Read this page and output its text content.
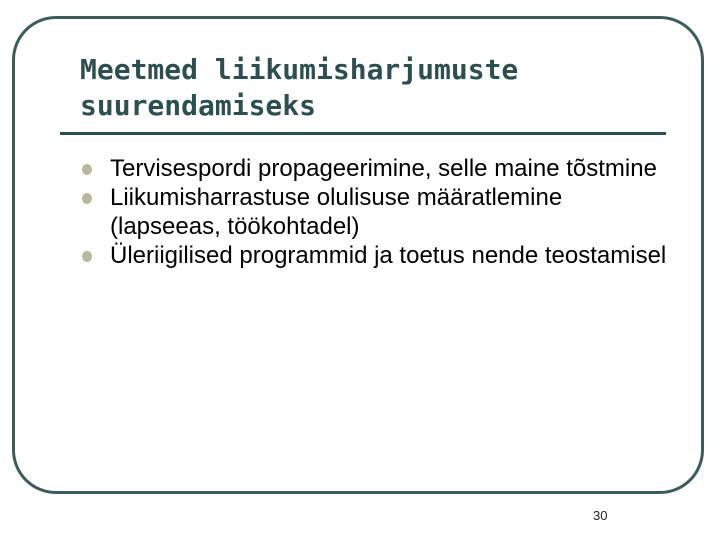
Meetmed liikumisharjumuste suurendamiseks
Tervisespordi propageerimine, selle maine tõstmine
Liikumisharrastuse olulisuse määratlemine (lapseeas, töökohtadel)
Üleriigilised programmid ja toetus nende teostamisel
30
